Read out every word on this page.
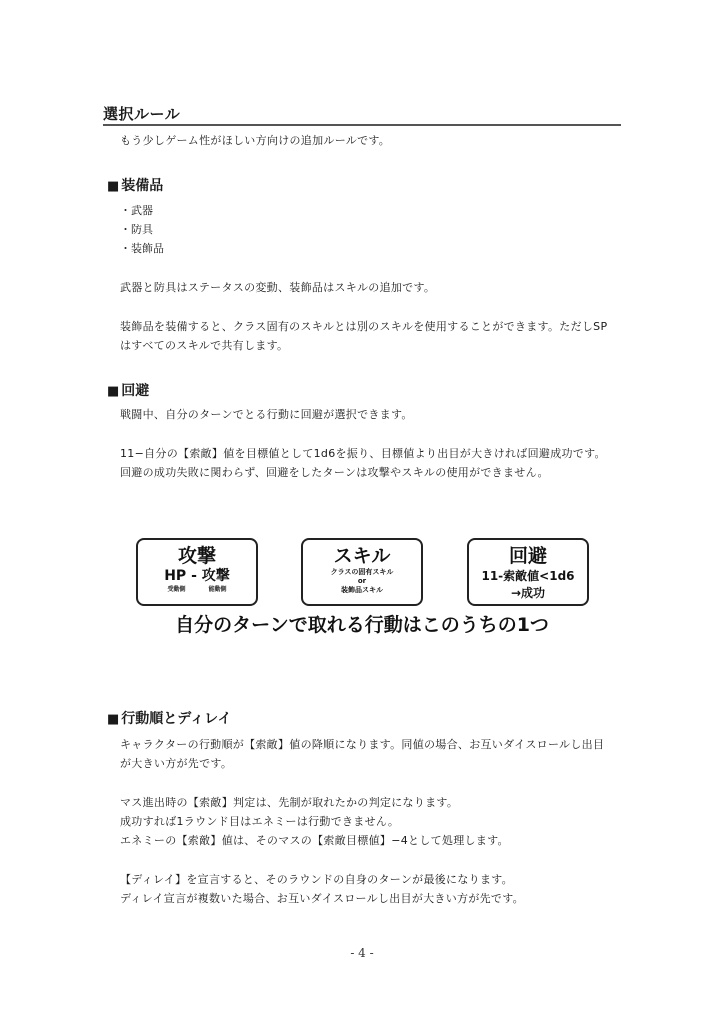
選択ルール
もう少しゲーム性がほしい方向けの追加ルールです。
■ 装備品
・武器
・防具
・装飾品
武器と防具はステータスの変動、装飾品はスキルの追加です。
装飾品を装備すると、クラス固有のスキルとは別のスキルを使用することができます。ただしSP
はすべてのスキルで共有します。
■ 回避
戦闘中、自分のターンでとる行動に回避が選択できます。
11−自分の【索敵】値を目標値として1d6を振り、目標値より出目が大きければ回避成功です。
回避の成功失敗に関わらず、回避をしたターンは攻撃やスキルの使用ができません。
攻撃
HP - 攻撃
受動側	能動側
スキル
クラスの固有スキル
or
装飾品スキル
回避
11-索敵値<1d6
→成功
自分のターンで取れる行動はこのうちの1つ
■ 行動順とディレイ
キャラクターの行動順が【索敵】値の降順になります。同値の場合、お互いダイスロールし出目
が大きい方が先です。
マス進出時の【索敵】判定は、先制が取れたかの判定になります。
成功すれば1ラウンド目はエネミーは行動できません。
エネミーの【索敵】値は、そのマスの【索敵目標値】−4として処理します。
【ディレイ】を宣言すると、そのラウンドの自身のターンが最後になります。
ディレイ宣言が複数いた場合、お互いダイスロールし出目が大きい方が先です。
- 4 -
